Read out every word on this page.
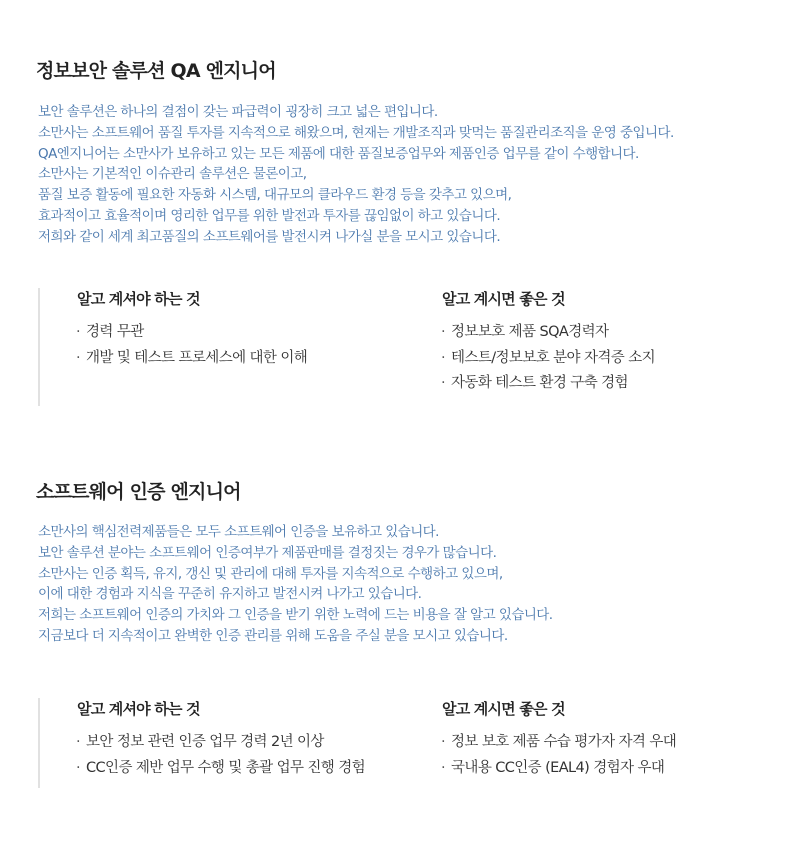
정보보안 솔루션 QA 엔지니어
보안 솔루션은 하나의 결점이 갖는 파급력이 굉장히 크고 넓은 편입니다.
소만사는 소프트웨어 품질 투자를 지속적으로 해왔으며, 현재는 개발조직과 맞먹는 품질관리조직을 운영 중입니다.
QA엔지니어는 소만사가 보유하고 있는 모든 제품에 대한 품질보증업무와 제품인증 업무를 같이 수행합니다.
소만사는 기본적인 이슈관리 솔루션은 물론이고,
품질 보증 활동에 필요한 자동화 시스템, 대규모의 클라우드 환경 등을 갖추고 있으며,
효과적이고 효율적이며 영리한 업무를 위한 발전과 투자를 끊임없이 하고 있습니다.
저희와 같이 세계 최고품질의 소프트웨어를 발전시켜 나가실 분을 모시고 있습니다.
알고 계셔야 하는 것
· 경력 무관
· 개발 및 테스트 프로세스에 대한 이해
알고 계시면 좋은 것
· 정보보호 제품 SQA경력자
· 테스트/정보보호 분야 자격증 소지
· 자동화 테스트 환경 구축 경험
소프트웨어 인증 엔지니어
소만사의 핵심전력제품들은 모두 소프트웨어 인증을 보유하고 있습니다.
보안 솔루션 분야는 소프트웨어 인증여부가 제품판매를 결정짓는 경우가 많습니다.
소만사는 인증 획득, 유지, 갱신 및 관리에 대해 투자를 지속적으로 수행하고 있으며,
이에 대한 경험과 지식을 꾸준히 유지하고 발전시켜 나가고 있습니다.
저희는 소프트웨어 인증의 가치와 그 인증을 받기 위한 노력에 드는 비용을 잘 알고 있습니다.
지금보다 더 지속적이고 완벽한 인증 관리를 위해 도움을 주실 분을 모시고 있습니다.
알고 계셔야 하는 것
· 보안 정보 관련 인증 업무 경력 2년 이상
· CC인증 제반 업무 수행 및 총괄 업무 진행 경험
알고 계시면 좋은 것
· 정보 보호 제품 수습 평가자 자격 우대
· 국내용 CC인증 (EAL4) 경험자 우대
